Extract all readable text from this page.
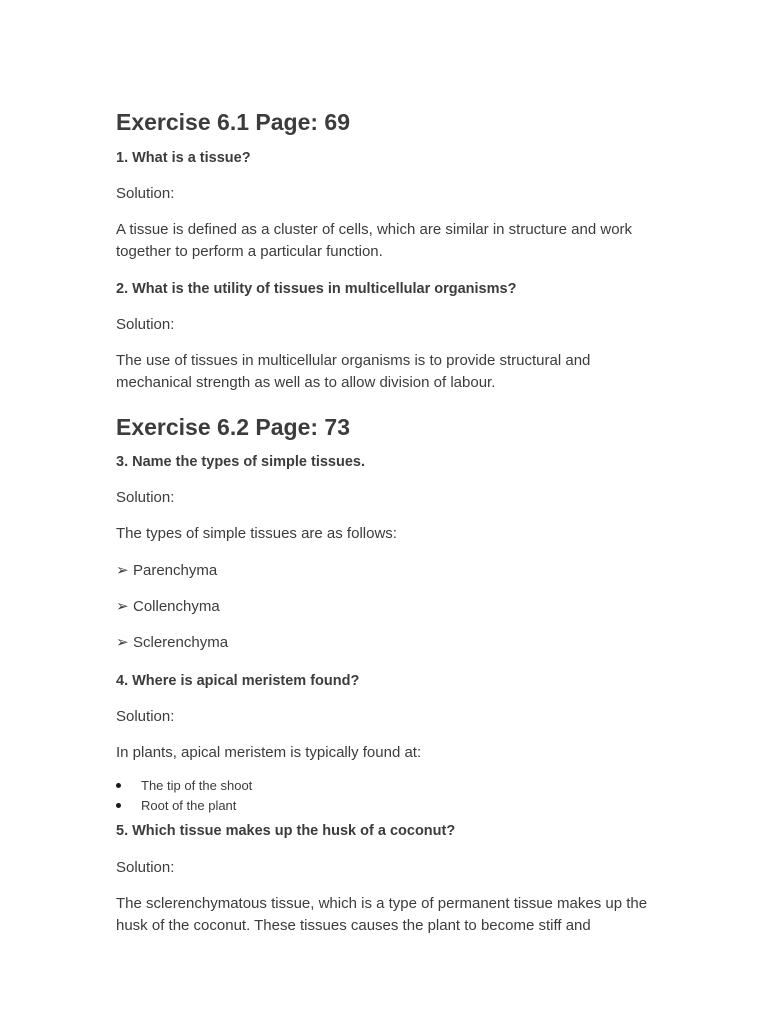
Exercise 6.1 Page: 69

1. What is a tissue?

Solution:

A tissue is defined as a cluster of cells, which are similar in structure and work together to perform a particular function.

2. What is the utility of tissues in multicellular organisms?

Solution:

The use of tissues in multicellular organisms is to provide structural and mechanical strength as well as to allow division of labour.

Exercise 6.2 Page: 73

3. Name the types of simple tissues.

Solution:

The types of simple tissues are as follows:

➢ Parenchyma
➢ Collenchyma
➢ Sclerenchyma

4. Where is apical meristem found?

Solution:

In plants, apical meristem is typically found at:

The tip of the shoot
Root of the plant

5. Which tissue makes up the husk of a coconut?

Solution:

The sclerenchymatous tissue, which is a type of permanent tissue makes up the husk of the coconut. These tissues causes the plant to become stiff and
